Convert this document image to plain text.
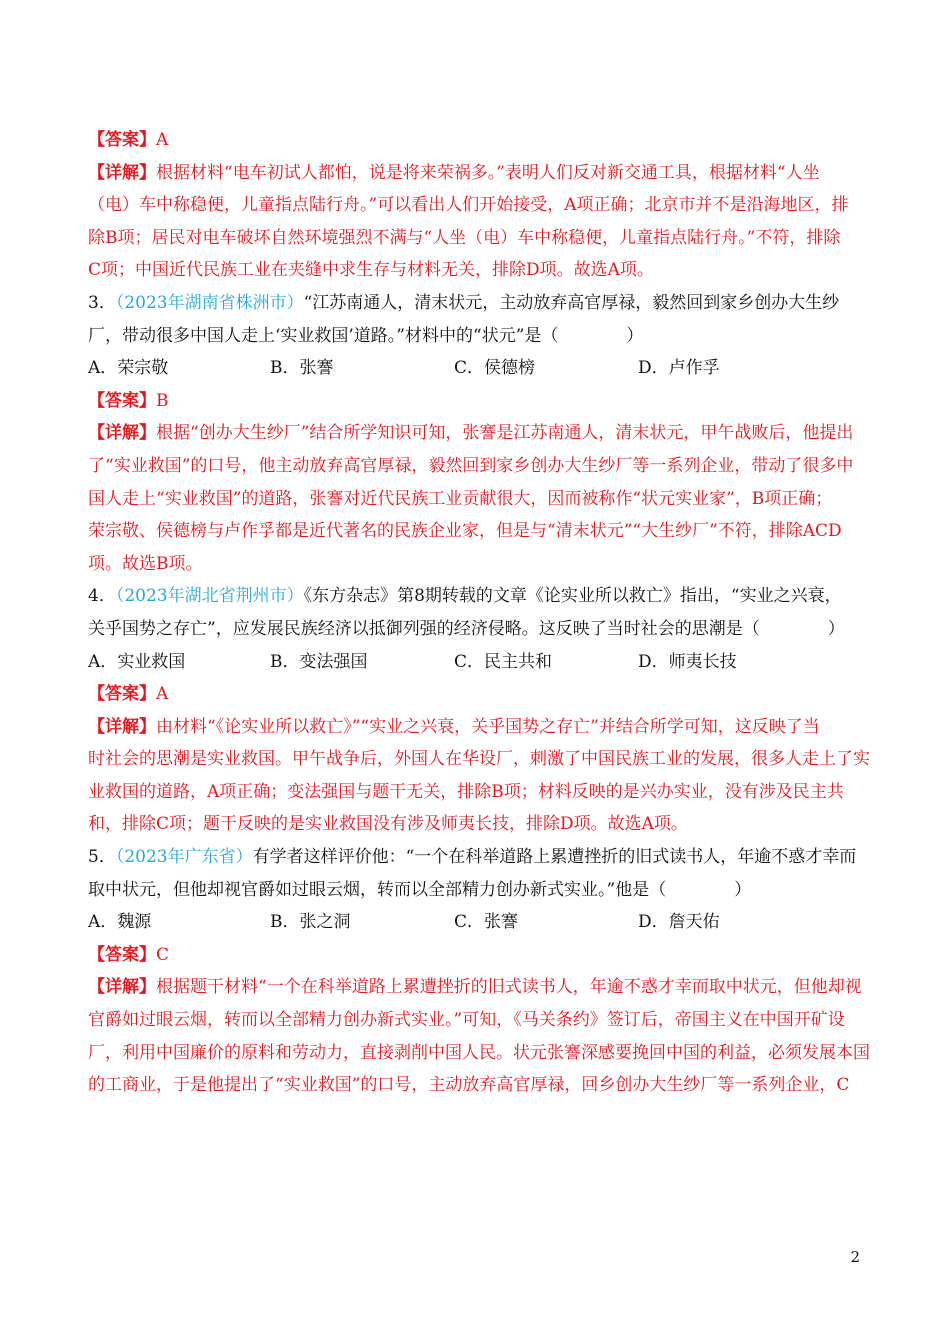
【答案】A
【详解】根据材料“电车初试人都怕，说是将来荣祸多。”表明人们反对新交通工具，根据材料“人坐
（电）车中称稳便，儿童指点陆行舟。”可以看出人们开始接受，A项正确；北京市并不是沿海地区，排
除B项；居民对电车破坏自然环境强烈不满与“人坐（电）车中称稳便，儿童指点陆行舟。”不符，排除
C项；中国近代民族工业在夹缝中求生存与材料无关，排除D项。故选A项。
3．（2023年湖南省株洲市）“江苏南通人，清末状元，主动放弃高官厚禄，毅然回到家乡创办大生纱
厂，带动很多中国人走上‘实业救国’道路。”材料中的“状元”是（　　　　）
A．荣宗敬	B．张謇	C．侯德榜	D．卢作孚
【答案】B
【详解】根据“创办大生纱厂”结合所学知识可知，张謇是江苏南通人，清末状元，甲午战败后，他提出
了“实业救国”的口号，他主动放弃高官厚禄，毅然回到家乡创办大生纱厂等一系列企业，带动了很多中
国人走上“实业救国”的道路，张謇对近代民族工业贡献很大，因而被称作“状元实业家”，B项正确；
荣宗敬、侯德榜与卢作孚都是近代著名的民族企业家，但是与“清末状元”“大生纱厂”不符，排除ACD
项。故选B项。
4．（2023年湖北省荆州市）《东方杂志》第8期转载的文章《论实业所以救亡》指出，“实业之兴衰，
关乎国势之存亡”，应发展民族经济以抵御列强的经济侵略。这反映了当时社会的思潮是（　　　　）
A．实业救国	B．变法强国	C．民主共和	D．师夷长技
【答案】A
【详解】由材料“《论实业所以救亡》”“实业之兴衰，关乎国势之存亡”并结合所学可知，这反映了当
时社会的思潮是实业救国。甲午战争后，外国人在华设厂，刺激了中国民族工业的发展，很多人走上了实
业救国的道路，A项正确；变法强国与题干无关，排除B项；材料反映的是兴办实业，没有涉及民主共
和，排除C项；题干反映的是实业救国没有涉及师夷长技，排除D项。故选A项。
5．（2023年广东省）有学者这样评价他：“一个在科举道路上累遭挫折的旧式读书人，年逾不惑才幸而
取中状元，但他却视官爵如过眼云烟，转而以全部精力创办新式实业。”他是（　　　　）
A．魏源	B．张之洞	C．张謇	D．詹天佑
【答案】C
【详解】根据题干材料“一个在科举道路上累遭挫折的旧式读书人，年逾不惑才幸而取中状元，但他却视
官爵如过眼云烟，转而以全部精力创办新式实业。”可知，《马关条约》签订后，帝国主义在中国开矿设
厂，利用中国廉价的原料和劳动力，直接剥削中国人民。状元张謇深感要挽回中国的利益，必须发展本国
的工商业，于是他提出了“实业救国”的口号，主动放弃高官厚禄，回乡创办大生纱厂等一系列企业，C
2
